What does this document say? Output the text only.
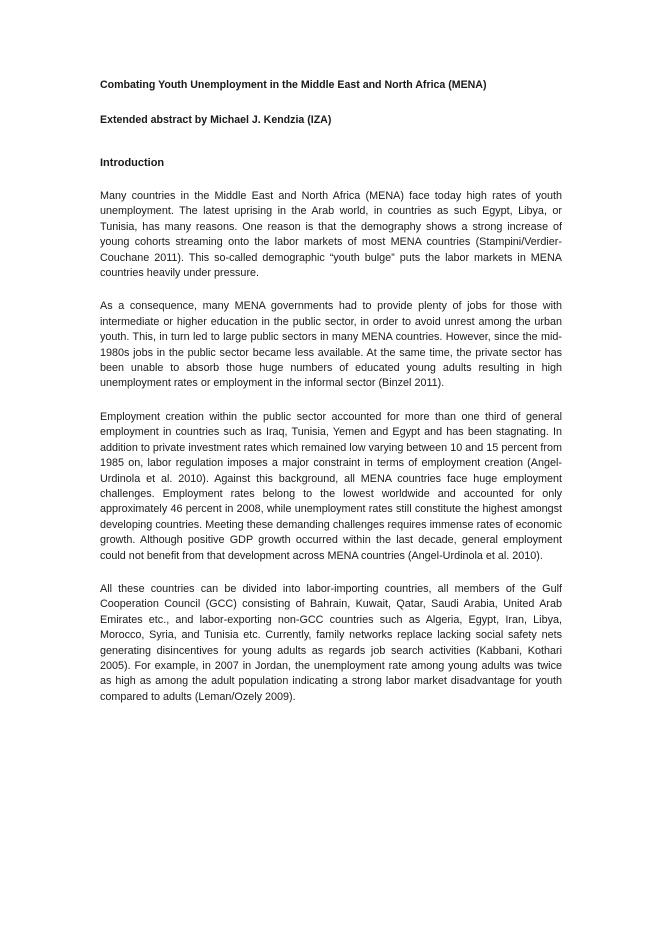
Combating Youth Unemployment in the Middle East and North Africa (MENA)
Extended abstract by Michael J. Kendzia (IZA)
Introduction

Many countries in the Middle East and North Africa (MENA) face today high rates of youth unemployment. The latest uprising in the Arab world, in countries as such Egypt, Libya, or Tunisia, has many reasons. One reason is that the demography shows a strong increase of young cohorts streaming onto the labor markets of most MENA countries (Stampini/Verdier-Couchane 2011). This so-called demographic “youth bulge” puts the labor markets in MENA countries heavily under pressure.

As a consequence, many MENA governments had to provide plenty of jobs for those with intermediate or higher education in the public sector, in order to avoid unrest among the urban youth. This, in turn led to large public sectors in many MENA countries. However, since the mid-1980s jobs in the public sector became less available. At the same time, the private sector has been unable to absorb those huge numbers of educated young adults resulting in high unemployment rates or employment in the informal sector (Binzel 2011).

Employment creation within the public sector accounted for more than one third of general employment in countries such as Iraq, Tunisia, Yemen and Egypt and has been stagnating. In addition to private investment rates which remained low varying between 10 and 15 percent from 1985 on, labor regulation imposes a major constraint in terms of employment creation (Angel-Urdinola et al. 2010). Against this background, all MENA countries face huge employment challenges. Employment rates belong to the lowest worldwide and accounted for only approximately 46 percent in 2008, while unemployment rates still constitute the highest amongst developing countries. Meeting these demanding challenges requires immense rates of economic growth. Although positive GDP growth occurred within the last decade, general employment could not benefit from that development across MENA countries (Angel-Urdinola et al. 2010).

All these countries can be divided into labor-importing countries, all members of the Gulf Cooperation Council (GCC) consisting of Bahrain, Kuwait, Qatar, Saudi Arabia, United Arab Emirates etc., and labor-exporting non-GCC countries such as Algeria, Egypt, Iran, Libya, Morocco, Syria, and Tunisia etc. Currently, family networks replace lacking social safety nets generating disincentives for young adults as regards job search activities (Kabbani, Kothari 2005). For example, in 2007 in Jordan, the unemployment rate among young adults was twice as high as among the adult population indicating a strong labor market disadvantage for youth compared to adults (Leman/Ozely 2009).
